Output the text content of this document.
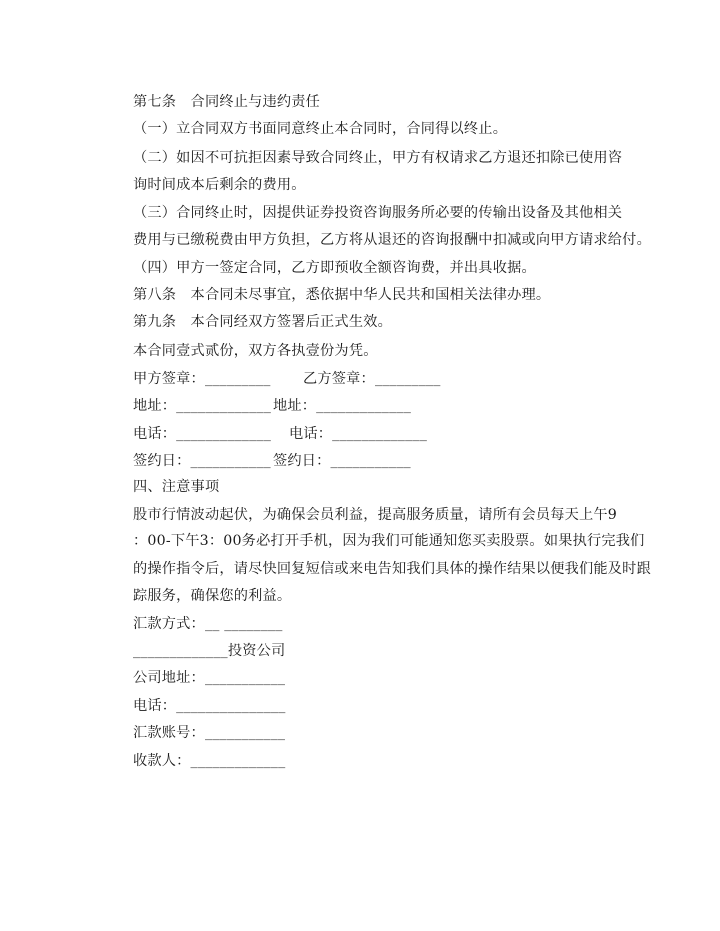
第七条　合同终止与违约责任
（一）立合同双方书面同意终止本合同时，合同得以终止。
（二）如因不可抗拒因素导致合同终止，甲方有权请求乙方退还扣除已使用咨
询时间成本后剩余的费用。
（三）合同终止时，因提供证券投资咨询服务所必要的传输出设备及其他相关
费用与已缴税费由甲方负担，乙方将从退还的咨询报酬中扣减或向甲方请求给付。
（四）甲方一签定合同，乙方即预收全额咨询费，并出具收据。
第八条　本合同未尽事宜，悉依据中华人民共和国相关法律办理。
第九条　本合同经双方签署后正式生效。
本合同壹式贰份，双方各执壹份为凭。
甲方签章：_________ 乙方签章：_________
地址：_____________ 地址：_____________
电话：_____________ 电话：_____________
签约日：___________ 签约日：___________
四、注意事项
股市行情波动起伏，为确保会员利益，提高服务质量，请所有会员每天上午9
：00-下午3：00务必打开手机，因为我们可能通知您买卖股票。如果执行完我们
的操作指令后，请尽快回复短信或来电告知我们具体的操作结果以便我们能及时跟
踪服务，确保您的利益。
汇款方式：__ ________
_____________投资公司
公司地址：___________
电话：_______________
汇款账号：___________
收款人：_____________
